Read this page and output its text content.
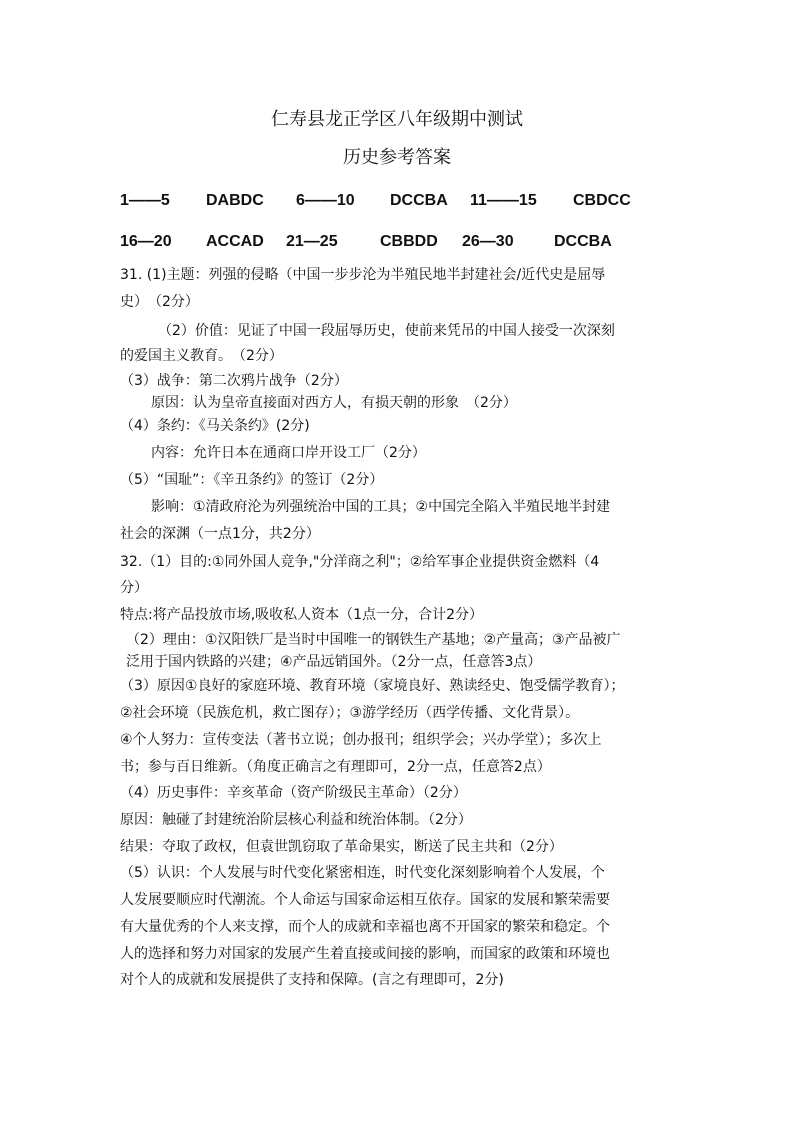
仁寿县龙正学区八年级期中测试
历史参考答案
1——5 DABDC 6——10 DCCBA 11——15 CBDCC
16—20 ACCAD 21—25	CBBDD 26—30	DCCBA
31. (1)主题：列强的侵略（中国一步步沦为半殖民地半封建社会/近代史是屈辱
史）　（2分）
（2）价值：见证了中国一段屈辱历史，使前来凭吊的中国人接受一次深刻
的爱国主义教育。　（2分）
（3）战争：第二次鸦片战争（2分）
原因：认为皇帝直接面对西方人，有损天朝的形象　（2分）
（4）条约：《马关条约》(2分)
内容：允许日本在通商口岸开设工厂（2分）
（5）“国耻”：《辛丑条约》的签订（2分）
影响：①清政府沦为列强统治中国的工具；②中国完全陷入半殖民地半封建
社会的深渊（一点1分，共2分）
32.（1）目的:①同外国人竞争,"分洋商之利"；②给军事企业提供资金燃料（4
分）
特点:将产品投放市场,吸收私人资本（1点一分，合计2分）
（2）理由：①汉阳铁厂是当时中国唯一的钢铁生产基地；②产量高；③产品被广
泛用于国内铁路的兴建；④产品远销国外。（2分一点，任意答3点）
（3）原因①良好的家庭环境、教育环境（家境良好、熟读经史、饱受儒学教育）；
②社会环境（民族危机，救亡图存）；③游学经历（西学传播、文化背景）。
④个人努力：宣传变法（著书立说；创办报刊；组织学会；兴办学堂）；多次上
书；参与百日维新。（角度正确言之有理即可，2分一点，任意答2点）
（4）历史事件：辛亥革命（资产阶级民主革命）（2分）
原因：触碰了封建统治阶层核心利益和统治体制。（2分）
结果：夺取了政权，但袁世凯窃取了革命果实，断送了民主共和（2分）
（5）认识：个人发展与时代变化紧密相连，时代变化深刻影响着个人发展，个
人发展要顺应时代潮流。个人命运与国家命运相互依存。国家的发展和繁荣需要
有大量优秀的个人来支撑，而个人的成就和幸福也离不开国家的繁荣和稳定。个
人的选择和努力对国家的发展产生着直接或间接的影响，而国家的政策和环境也
对个人的成就和发展提供了支持和保障。(言之有理即可，2分)
